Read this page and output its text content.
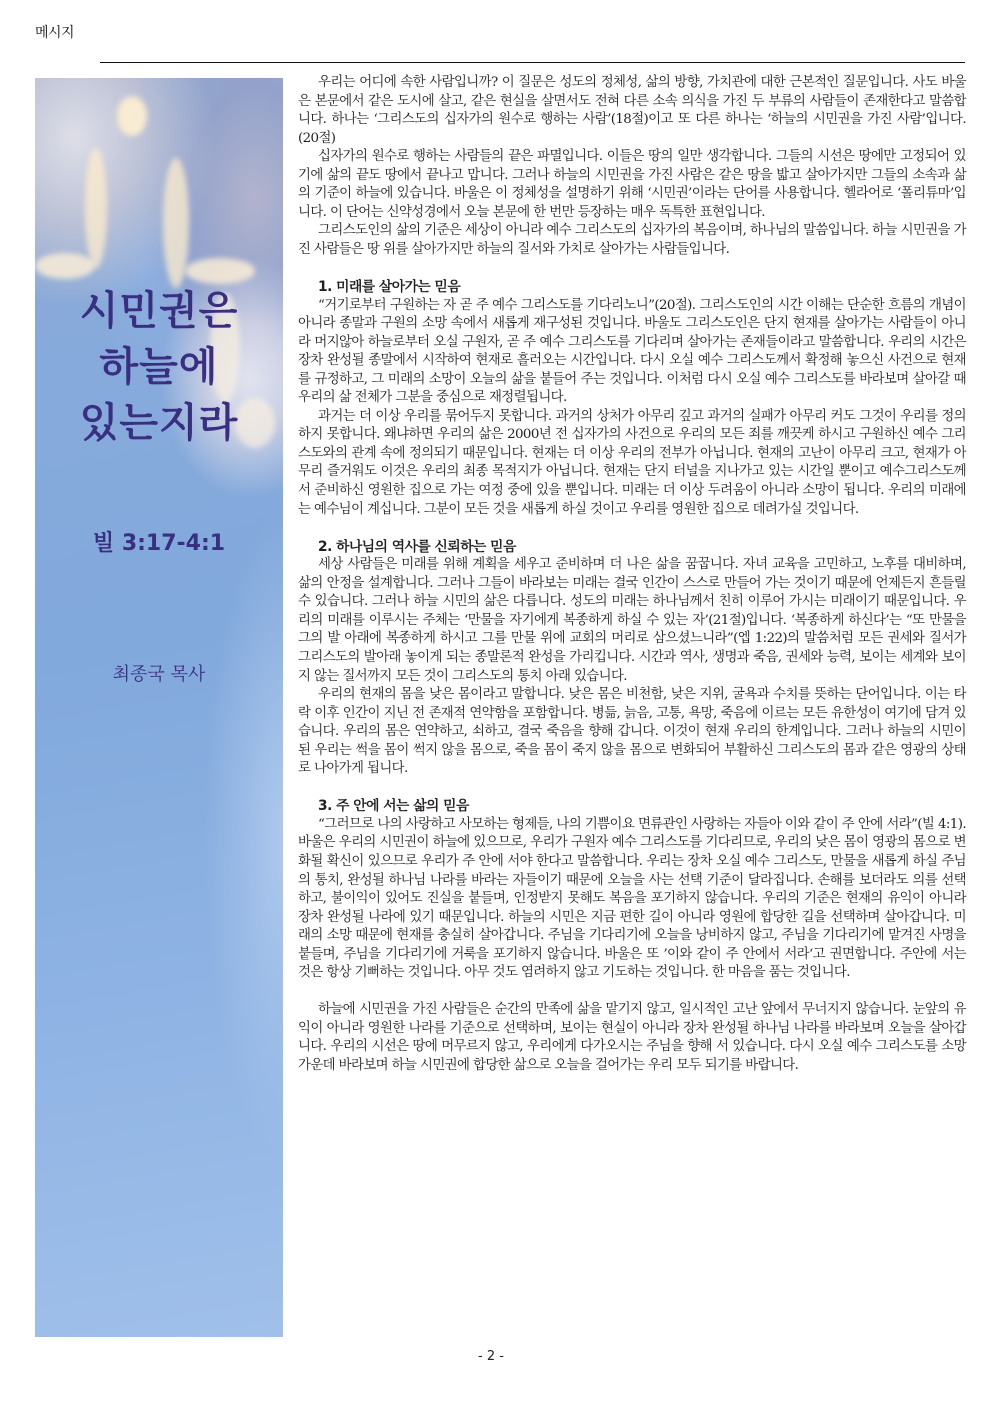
메시지
시민권은
하늘에
있는지라
빌 3:17-4:1
최종국 목사

우리는 어디에 속한 사람입니까? 이 질문은 성도의 정체성, 삶의 방향, 가치관에 대한 근본적인 질문입니다. 사도 바울은 본문에서 같은 도시에 살고, 같은 현실을 살면서도 전혀 다른 소속 의식을 가진 두 부류의 사람들이 존재한다고 말씀합니다. 하나는 ‘그리스도의 십자가의 원수로 행하는 사람’(18절)이고 또 다른 하나는 ‘하늘의 시민권을 가진 사람’입니다.(20절)

십자가의 원수로 행하는 사람들의 끝은 파멸입니다. 이들은 땅의 일만 생각합니다. 그들의 시선은 땅에만 고정되어 있기에 삶의 끝도 땅에서 끝나고 맙니다. 그러나 하늘의 시민권을 가진 사람은 같은 땅을 밟고 살아가지만 그들의 소속과 삶의 기준이 하늘에 있습니다. 바울은 이 정체성을 설명하기 위해 ‘시민권’이라는 단어를 사용합니다. 헬라어로 ‘폴리튜마’입니다. 이 단어는 신약성경에서 오늘 본문에 한 번만 등장하는 매우 독특한 표현입니다.

그리스도인의 삶의 기준은 세상이 아니라 예수 그리스도의 십자가의 복음이며, 하나님의 말씀입니다. 하늘 시민권을 가진 사람들은 땅 위를 살아가지만 하늘의 질서와 가치로 살아가는 사람들입니다.

1. 미래를 살아가는 믿음

“거기로부터 구원하는 자 곧 주 예수 그리스도를 기다리노니”(20절). 그리스도인의 시간 이해는 단순한 흐름의 개념이 아니라 종말과 구원의 소망 속에서 새롭게 재구성된 것입니다. 바울도 그리스도인은 단지 현재를 살아가는 사람들이 아니라 머지않아 하늘로부터 오실 구원자, 곧 주 예수 그리스도를 기다리며 살아가는 존재들이라고 말씀합니다. 우리의 시간은 장차 완성될 종말에서 시작하여 현재로 흘러오는 시간입니다. 다시 오실 예수 그리스도께서 확정해 놓으신 사건으로 현재를 규정하고, 그 미래의 소망이 오늘의 삶을 붙들어 주는 것입니다. 이처럼 다시 오실 예수 그리스도를 바라보며 살아갈 때 우리의 삶 전체가 그분을 중심으로 재정렬됩니다.

과거는 더 이상 우리를 묶어두지 못합니다. 과거의 상처가 아무리 깊고 과거의 실패가 아무리 커도 그것이 우리를 정의하지 못합니다. 왜냐하면 우리의 삶은 2000년 전 십자가의 사건으로 우리의 모든 죄를 깨끗케 하시고 구원하신 예수 그리스도와의 관계 속에 정의되기 때문입니다. 현재는 더 이상 우리의 전부가 아닙니다. 현재의 고난이 아무리 크고, 현재가 아무리 즐거워도 이것은 우리의 최종 목적지가 아닙니다. 현재는 단지 터널을 지나가고 있는 시간일 뿐이고 예수그리스도께서 준비하신 영원한 집으로 가는 여정 중에 있을 뿐입니다. 미래는 더 이상 두려움이 아니라 소망이 됩니다. 우리의 미래에는 예수님이 계십니다. 그분이 모든 것을 새롭게 하실 것이고 우리를 영원한 집으로 데려가실 것입니다.

2. 하나님의 역사를 신뢰하는 믿음

세상 사람들은 미래를 위해 계획을 세우고 준비하며 더 나은 삶을 꿈꿉니다. 자녀 교육을 고민하고, 노후를 대비하며, 삶의 안정을 설계합니다. 그러나 그들이 바라보는 미래는 결국 인간이 스스로 만들어 가는 것이기 때문에 언제든지 흔들릴 수 있습니다. 그러나 하늘 시민의 삶은 다릅니다. 성도의 미래는 하나님께서 친히 이루어 가시는 미래이기 때문입니다. 우리의 미래를 이루시는 주체는 ‘만물을 자기에게 복종하게 하실 수 있는 자’(21절)입니다. ‘복종하게 하신다’는 “또 만물을 그의 발 아래에 복종하게 하시고 그를 만물 위에 교회의 머리로 삼으셨느니라”(엡 1:22)의 말씀처럼 모든 권세와 질서가 그리스도의 발아래 놓이게 되는 종말론적 완성을 가리킵니다. 시간과 역사, 생명과 죽음, 권세와 능력, 보이는 세계와 보이지 않는 질서까지 모든 것이 그리스도의 통치 아래 있습니다.

우리의 현재의 몸을 낮은 몸이라고 말합니다. 낮은 몸은 비천함, 낮은 지위, 굴욕과 수치를 뜻하는 단어입니다. 이는 타락 이후 인간이 지닌 전 존재적 연약함을 포함합니다. 병듦, 늙음, 고통, 욕망, 죽음에 이르는 모든 유한성이 여기에 담겨 있습니다. 우리의 몸은 연약하고, 쇠하고, 결국 죽음을 향해 갑니다. 이것이 현재 우리의 한계입니다. 그러나 하늘의 시민이 된 우리는 썩을 몸이 썩지 않을 몸으로, 죽을 몸이 죽지 않을 몸으로 변화되어 부활하신 그리스도의 몸과 같은 영광의 상태로 나아가게 됩니다.

3. 주 안에 서는 삶의 믿음

“그러므로 나의 사랑하고 사모하는 형제들, 나의 기쁨이요 면류관인 사랑하는 자들아 이와 같이 주 안에 서라”(빌 4:1). 바울은 우리의 시민권이 하늘에 있으므로, 우리가 구원자 예수 그리스도를 기다리므로, 우리의 낮은 몸이 영광의 몸으로 변화될 확신이 있으므로 우리가 주 안에 서야 한다고 말씀합니다. 우리는 장차 오실 예수 그리스도, 만물을 새롭게 하실 주님의 통치, 완성될 하나님 나라를 바라는 자들이기 때문에 오늘을 사는 선택 기준이 달라집니다. 손해를 보더라도 의를 선택하고, 불이익이 있어도 진실을 붙들며, 인정받지 못해도 복음을 포기하지 않습니다. 우리의 기준은 현재의 유익이 아니라 장차 완성될 나라에 있기 때문입니다. 하늘의 시민은 지금 편한 길이 아니라 영원에 합당한 길을 선택하며 살아갑니다. 미래의 소망 때문에 현재를 충실히 살아갑니다. 주님을 기다리기에 오늘을 낭비하지 않고, 주님을 기다리기에 맡겨진 사명을 붙들며, 주님을 기다리기에 거룩을 포기하지 않습니다. 바울은 또 ’이와 같이 주 안에서 서라‘고 권면합니다. 주안에 서는 것은 항상 기뻐하는 것입니다. 아무 것도 염려하지 않고 기도하는 것입니다. 한 마음을 품는 것입니다.

하늘에 시민권을 가진 사람들은 순간의 만족에 삶을 맡기지 않고, 일시적인 고난 앞에서 무너지지 않습니다. 눈앞의 유익이 아니라 영원한 나라를 기준으로 선택하며, 보이는 현실이 아니라 장차 완성될 하나님 나라를 바라보며 오늘을 살아갑니다. 우리의 시선은 땅에 머무르지 않고, 우리에게 다가오시는 주님을 향해 서 있습니다. 다시 오실 예수 그리스도를 소망 가운데 바라보며 하늘 시민권에 합당한 삶으로 오늘을 걸어가는 우리 모두 되기를 바랍니다.

- 2 -
